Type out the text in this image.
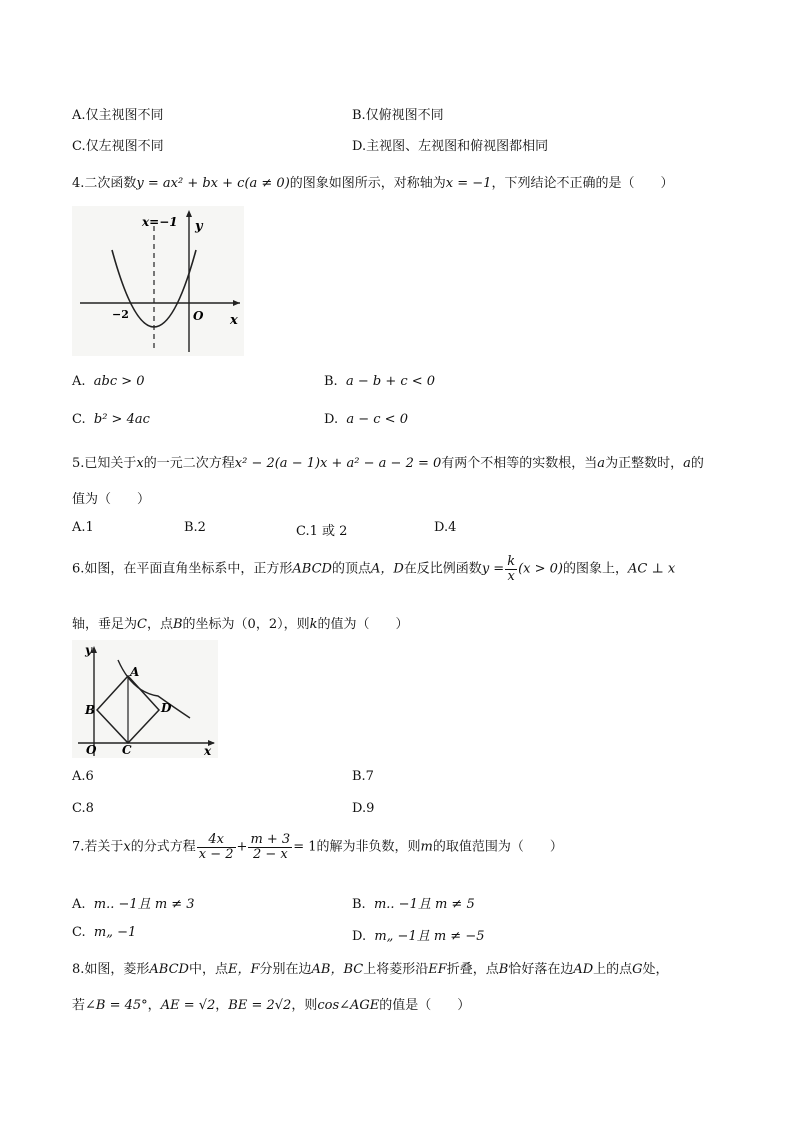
A.仅主视图不同	B.仅俯视图不同
C.仅左视图不同	D.主视图、左视图和俯视图都相同
4.二次函数y = ax² + bx + c(a ≠ 0)的图象如图所示，对称轴为x = −1，下列结论不正确的是（　　）
x=−1 y
−2	O x
A. abc > 0	B. a − b + c < 0
C. b² > 4ac	D. a − c < 0
5.已知关于x的一元二次方程x² − 2(a − 1)x + a² − a − 2 = 0有两个不相等的实数根，当a为正整数时，a的
值为（　　）
A.1	B.2	C.1 或 2	D.4
6.如图，在平面直角坐标系中，正方形ABCD的顶点A，D在反比例函数$y = \frac{k}{x} (x > 0)$的图象上，AC ⊥ x
轴，垂足为C，点B的坐标为（0，2），则k的值为（　　）
A
B
C
D
O
y
x
A.6	B.7
C.8	D.9
7.若关于x的分式方程 $\frac{4x}{x - 2} + \frac{m + 3}{2 - x} = 1$的解为非负数，则m的取值范围为（　　）
A. m.. −1且 m ≠ 3	B. m.. −1且 m ≠ 5
C. m„ −1	D. m„ −1且 m ≠ −5
8.如图，菱形ABCD中，点E，F分别在边AB，BC上将菱形沿EF折叠，点B恰好落在边AD上的点G处，
若∠B = 45°，AE = √2，BE = 2√2，则cos∠AGE的值是（　　）
